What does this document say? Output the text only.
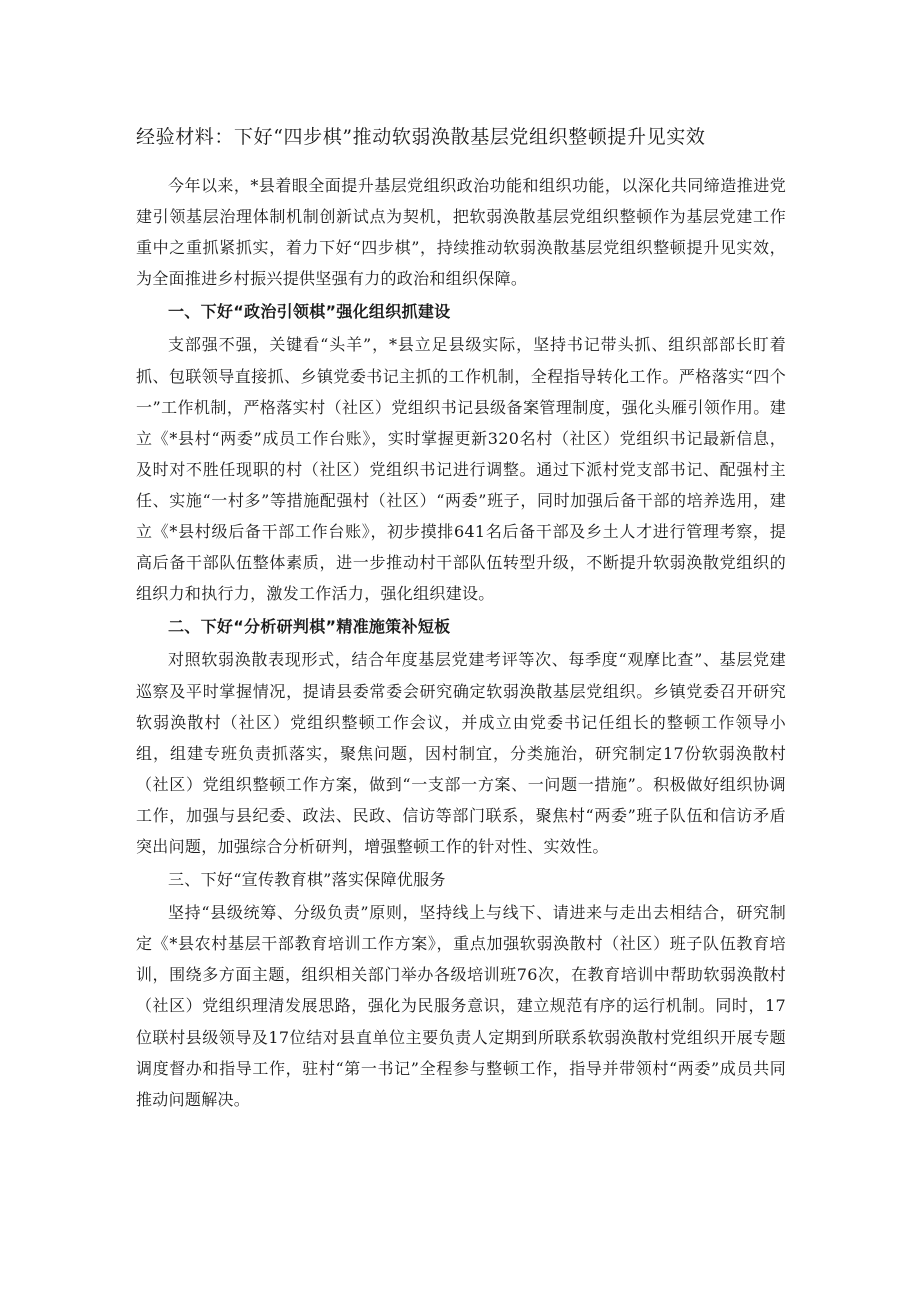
经验材料：下好“四步棋”推动软弱涣散基层党组织整顿提升见实效

今年以来，*县着眼全面提升基层党组织政治功能和组织功能，以深化共同缔造推进党建引领基层治理体制机制创新试点为契机，把软弱涣散基层党组织整顿作为基层党建工作重中之重抓紧抓实，着力下好“四步棋”，持续推动软弱涣散基层党组织整顿提升见实效，为全面推进乡村振兴提供坚强有力的政治和组织保障。

一、下好“政治引领棋”强化组织抓建设

支部强不强，关键看“头羊”，*县立足县级实际，坚持书记带头抓、组织部部长盯着抓、包联领导直接抓、乡镇党委书记主抓的工作机制，全程指导转化工作。严格落实“四个一”工作机制，严格落实村（社区）党组织书记县级备案管理制度，强化头雁引领作用。建立《*县村“两委”成员工作台账》，实时掌握更新320名村（社区）党组织书记最新信息，及时对不胜任现职的村（社区）党组织书记进行调整。通过下派村党支部书记、配强村主任、实施“一村多”等措施配强村（社区）“两委”班子，同时加强后备干部的培养选用，建立《*县村级后备干部工作台账》，初步摸排641名后备干部及乡土人才进行管理考察，提高后备干部队伍整体素质，进一步推动村干部队伍转型升级，不断提升软弱涣散党组织的组织力和执行力，激发工作活力，强化组织建设。

二、下好“分析研判棋”精准施策补短板

对照软弱涣散表现形式，结合年度基层党建考评等次、每季度“观摩比查”、基层党建巡察及平时掌握情况，提请县委常委会研究确定软弱涣散基层党组织。乡镇党委召开研究软弱涣散村（社区）党组织整顿工作会议，并成立由党委书记任组长的整顿工作领导小组，组建专班负责抓落实，聚焦问题，因村制宜，分类施治，研究制定17份软弱涣散村（社区）党组织整顿工作方案，做到“一支部一方案、一问题一措施”。积极做好组织协调工作，加强与县纪委、政法、民政、信访等部门联系，聚焦村“两委”班子队伍和信访矛盾突出问题，加强综合分析研判，增强整顿工作的针对性、实效性。

三、下好“宣传教育棋”落实保障优服务

坚持“县级统筹、分级负责”原则，坚持线上与线下、请进来与走出去相结合，研究制定《*县农村基层干部教育培训工作方案》，重点加强软弱涣散村（社区）班子队伍教育培训，围绕多方面主题，组织相关部门举办各级培训班76次，在教育培训中帮助软弱涣散村（社区）党组织理清发展思路，强化为民服务意识，建立规范有序的运行机制。同时，17位联村县级领导及17位结对县直单位主要负责人定期到所联系软弱涣散村党组织开展专题调度督办和指导工作，驻村“第一书记”全程参与整顿工作，指导并带领村“两委”成员共同推动问题解决。
